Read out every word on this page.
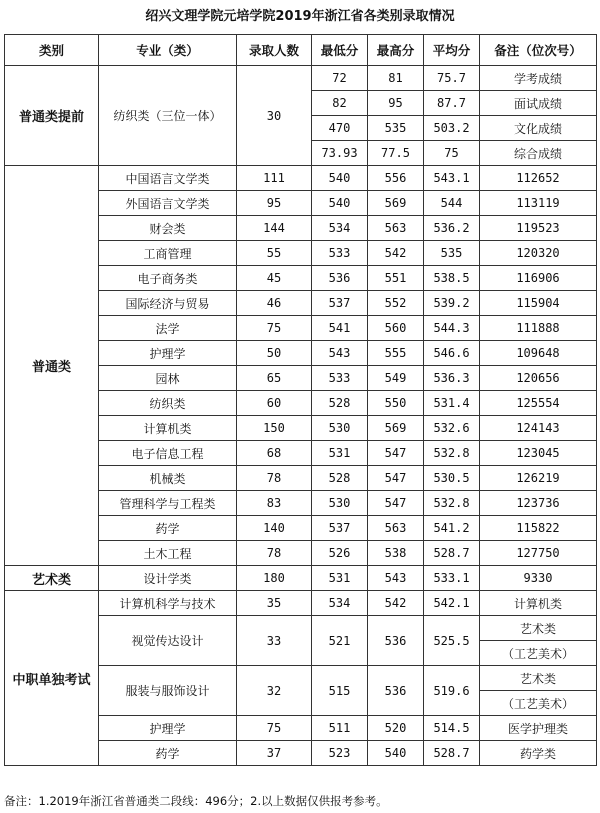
绍兴文理学院元培学院2019年浙江省各类别录取情况
类别	专业（类）	录取人数	最低分	最高分	平均分	备注（位次号）
普通类提前	纺织类（三位一体）	30	72	81	75.7	学考成绩
			82	95	87.7	面试成绩
			470	535	503.2	文化成绩
			73.93	77.5	75	综合成绩
普通类	中国语言文学类	111	540	556	543.1	112652
	外国语言文学类	95	540	569	544	113119
	财会类	144	534	563	536.2	119523
	工商管理	55	533	542	535	120320
	电子商务类	45	536	551	538.5	116906
	国际经济与贸易	46	537	552	539.2	115904
	法学	75	541	560	544.3	111888
	护理学	50	543	555	546.6	109648
	园林	65	533	549	536.3	120656
	纺织类	60	528	550	531.4	125554
	计算机类	150	530	569	532.6	124143
	电子信息工程	68	531	547	532.8	123045
	机械类	78	528	547	530.5	126219
	管理科学与工程类	83	530	547	532.8	123736
	药学	140	537	563	541.2	115822
	土木工程	78	526	538	528.7	127750
艺术类	设计学类	180	531	543	533.1	9330
中职单独考试	计算机科学与技术	35	534	542	542.1	计算机类
	视觉传达设计	33	521	536	525.5	艺术类
						（工艺美术）
	服装与服饰设计	32	515	536	519.6	艺术类
						（工艺美术）
	护理学	75	511	520	514.5	医学护理类
	药学	37	523	540	528.7	药学类
备注：1.2019年浙江省普通类二段线：496分；2.以上数据仅供报考参考。
